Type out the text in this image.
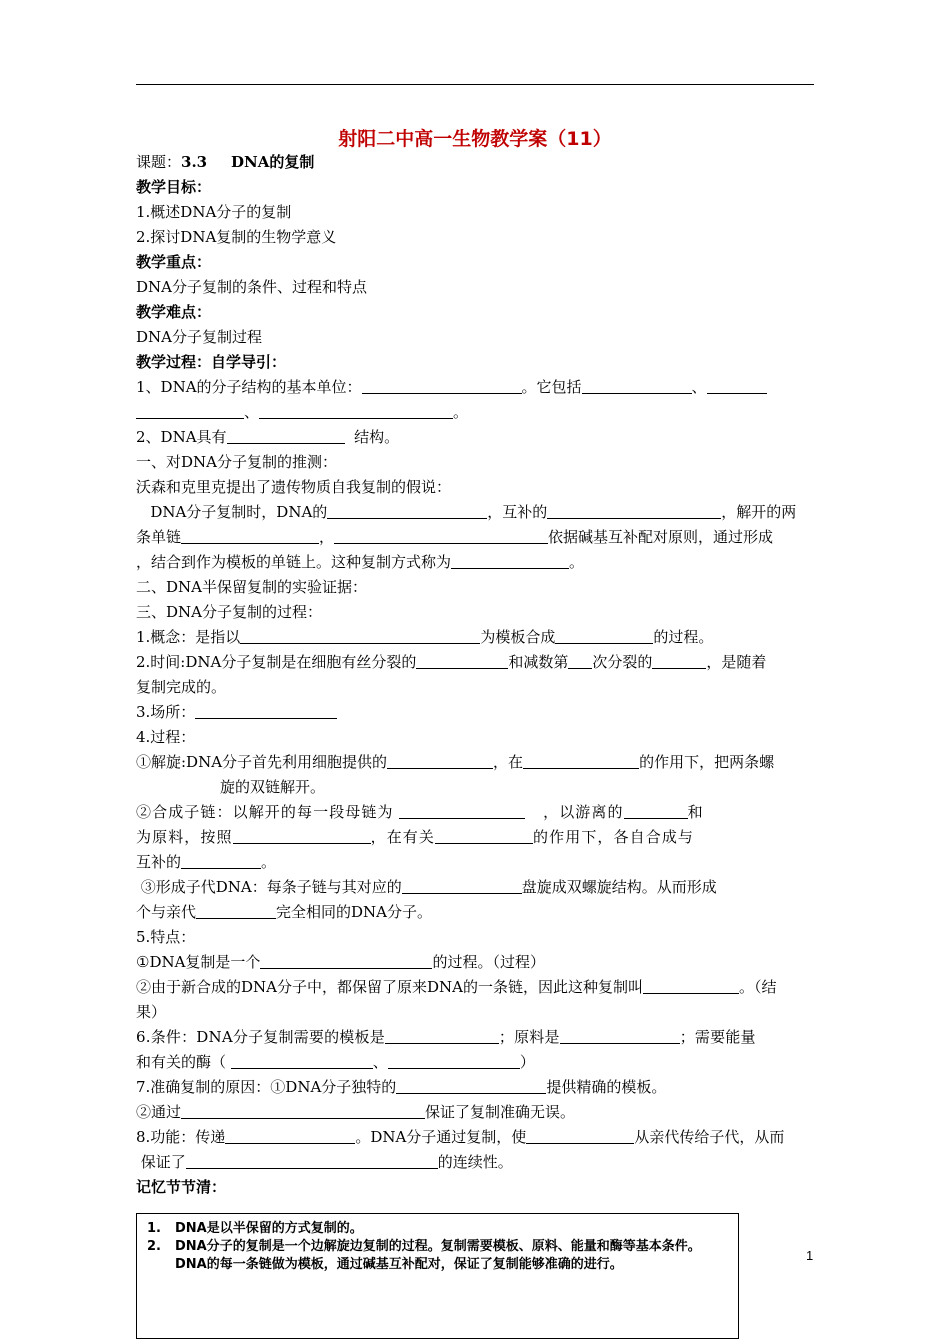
射阳二中高一生物教学案（11）
课题：3.3 DNA的复制
教学目标：
1.概述DNA分子的复制
2.探讨DNA复制的生物学意义
教学重点：
DNA分子复制的条件、过程和特点
教学难点：
DNA分子复制过程
教学过程：自学导引：
1、DNA的分子结构的基本单位：	。它包括	、
、	。
2、DNA具有	结构。
一、对DNA分子复制的推测：
沃森和克里克提出了遗传物质自我复制的假说：
DNA分子复制时，DNA的	，互补的	，解开的两
条单链	，	依据碱基互补配对原则，通过形成
，结合到作为模板的单链上。这种复制方式称为	。
二、DNA半保留复制的实验证据：
三、DNA分子复制的过程：
1.概念：是指以	为模板合成	的过程。
2.时间:DNA分子复制是在细胞有丝分裂的	和减数第 次分裂的	，是随着
复制完成的。
3.场所：
4.过程：
①解旋:DNA分子首先利用细胞提供的	，在	的作用下，把两条螺
旋的双链解开。
②合成子链：以解开的每一段母链为	，以游离的	和
为原料，按照	，在有关	的作用下，各自合成与
互补的	。
③形成子代DNA：每条子链与其对应的	盘旋成双螺旋结构。从而形成
个与亲代	完全相同的DNA分子。
5.特点：
①DNA复制是一个	的过程。（过程）
②由于新合成的DNA分子中，都保留了原来DNA的一条链，因此这种复制叫	。（结
果）
6.条件：DNA分子复制需要的模板是	；原料是	；需要能量
和有关的酶（	、	）
7.准确复制的原因：①DNA分子独特的	提供精确的模板。
②通过	保证了复制准确无误。
8.功能：传递	。DNA分子通过复制，使	从亲代传给子代，从而
保证了	的连续性。
记忆节节清：
1.	DNA是以半保留的方式复制的。
2.	DNA分子的复制是一个边解旋边复制的过程。复制需要模板、原料、能量和酶等基本条件。DNA的每一条链做为模板，通过碱基互补配对，保证了复制能够准确的进行。
1
